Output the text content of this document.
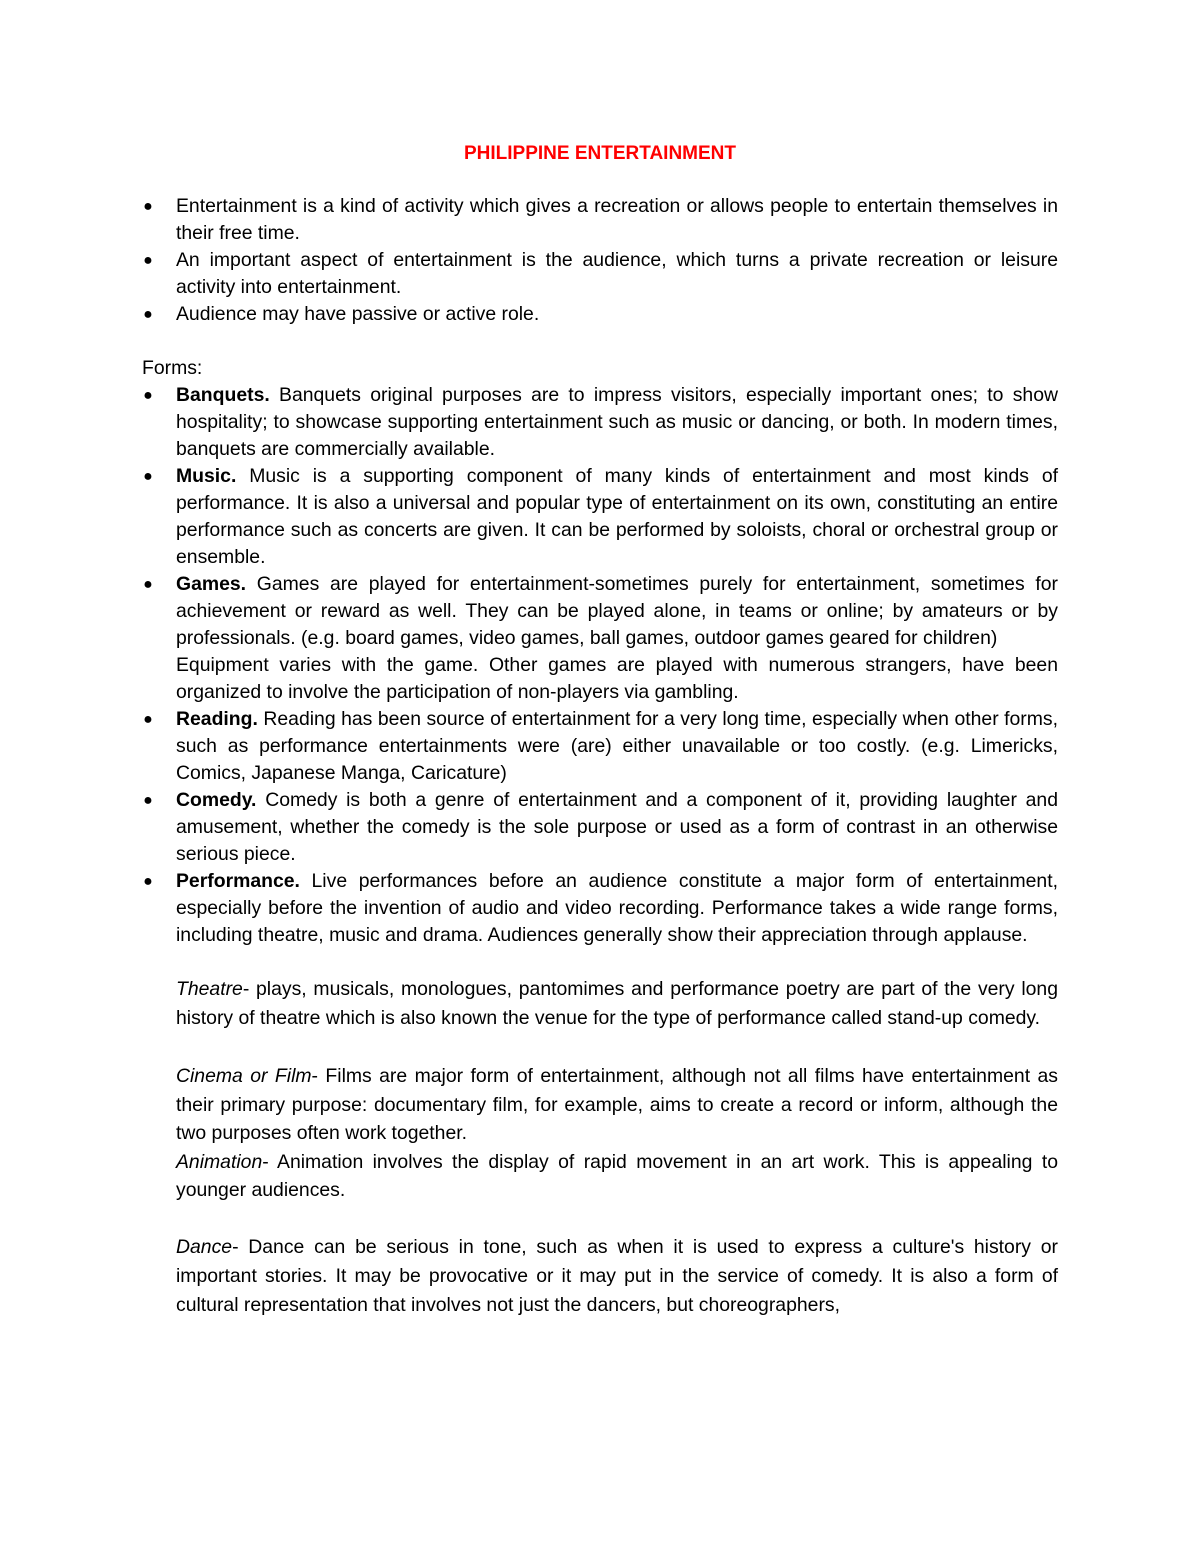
PHILIPPINE ENTERTAINMENT
● Entertainment is a kind of activity which gives a recreation or allows people to entertain themselves in their free time.
● An important aspect of entertainment is the audience, which turns a private recreation or leisure activity into entertainment.
● Audience may have passive or active role.
Forms:
● Banquets. Banquets original purposes are to impress visitors, especially important ones; to show hospitality; to showcase supporting entertainment such as music or dancing, or both. In modern times, banquets are commercially available.
● Music. Music is a supporting component of many kinds of entertainment and most kinds of performance. It is also a universal and popular type of entertainment on its own, constituting an entire performance such as concerts are given. It can be performed by soloists, choral or orchestral group or ensemble.
● Games. Games are played for entertainment-sometimes purely for entertainment, sometimes for achievement or reward as well. They can be played alone, in teams or online; by amateurs or by professionals. (e.g. board games, video games, ball games, outdoor games geared for children)
Equipment varies with the game. Other games are played with numerous strangers, have been organized to involve the participation of non-players via gambling.
● Reading. Reading has been source of entertainment for a very long time, especially when other forms, such as performance entertainments were (are) either unavailable or too costly. (e.g. Limericks, Comics, Japanese Manga, Caricature)
● Comedy. Comedy is both a genre of entertainment and a component of it, providing laughter and amusement, whether the comedy is the sole purpose or used as a form of contrast in an otherwise serious piece.
● Performance. Live performances before an audience constitute a major form of entertainment, especially before the invention of audio and video recording. Performance takes a wide range forms, including theatre, music and drama. Audiences generally show their appreciation through applause.
Theatre- plays, musicals, monologues, pantomimes and performance poetry are part of the very long history of theatre which is also known the venue for the type of performance called stand-up comedy.
Cinema or Film- Films are major form of entertainment, although not all films have entertainment as their primary purpose: documentary film, for example, aims to create a record or inform, although the two purposes often work together.
Animation- Animation involves the display of rapid movement in an art work. This is appealing to younger audiences.
Dance- Dance can be serious in tone, such as when it is used to express a culture's history or important stories. It may be provocative or it may put in the service of comedy. It is also a form of cultural representation that involves not just the dancers, but choreographers,
